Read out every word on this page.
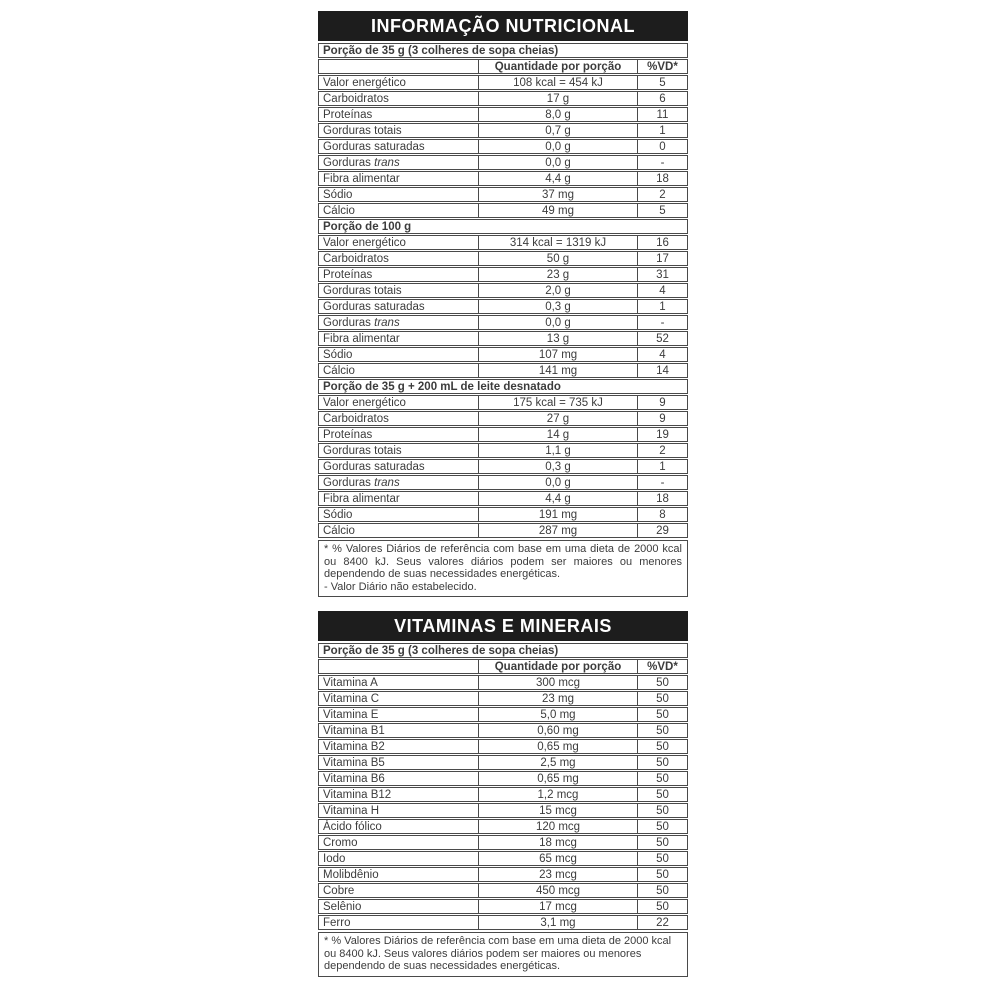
INFORMAÇÃO NUTRICIONAL
Porção de 35 g (3 colheres de sopa cheias)
Quantidade por porção	%VD*
Valor energético	108 kcal = 454 kJ	5
Carboidratos	17 g	6
Proteínas	8,0 g	11
Gorduras totais	0,7 g	1
Gorduras saturadas	0,0 g	0
Gorduras trans	0,0 g	-
Fibra alimentar	4,4 g	18
Sódio	37 mg	2
Cálcio	49 mg	5
Porção de 100 g
Valor energético	314 kcal = 1319 kJ	16
Carboidratos	50 g	17
Proteínas	23 g	31
Gorduras totais	2,0 g	4
Gorduras saturadas	0,3 g	1
Gorduras trans	0,0 g	-
Fibra alimentar	13 g	52
Sódio	107 mg	4
Cálcio	141 mg	14
Porção de 35 g + 200 mL de leite desnatado
Valor energético	175 kcal = 735 kJ	9
Carboidratos	27 g	9
Proteínas	14 g	19
Gorduras totais	1,1 g	2
Gorduras saturadas	0,3 g	1
Gorduras trans	0,0 g	-
Fibra alimentar	4,4 g	18
Sódio	191 mg	8
Cálcio	287 mg	29
* % Valores Diários de referência com base em uma dieta de 2000 kcal ou 8400 kJ. Seus valores diários podem ser maiores ou menores dependendo de suas necessidades energéticas.
- Valor Diário não estabelecido.
VITAMINAS E MINERAIS
Porção de 35 g (3 colheres de sopa cheias)
Quantidade por porção	%VD*
Vitamina A	300 mcg	50
Vitamina C	23 mg	50
Vitamina E	5,0 mg	50
Vitamina B1	0,60 mg	50
Vitamina B2	0,65 mg	50
Vitamina B5	2,5 mg	50
Vitamina B6	0,65 mg	50
Vitamina B12	1,2 mcg	50
Vitamina H	15 mcg	50
Ácido fólico	120 mcg	50
Cromo	18 mcg	50
Iodo	65 mcg	50
Molibdênio	23 mcg	50
Cobre	450 mcg	50
Selênio	17 mcg	50
Ferro	3,1 mg	22
* % Valores Diários de referência com base em uma dieta de 2000 kcal ou 8400 kJ. Seus valores diários podem ser maiores ou menores dependendo de suas necessidades energéticas.
